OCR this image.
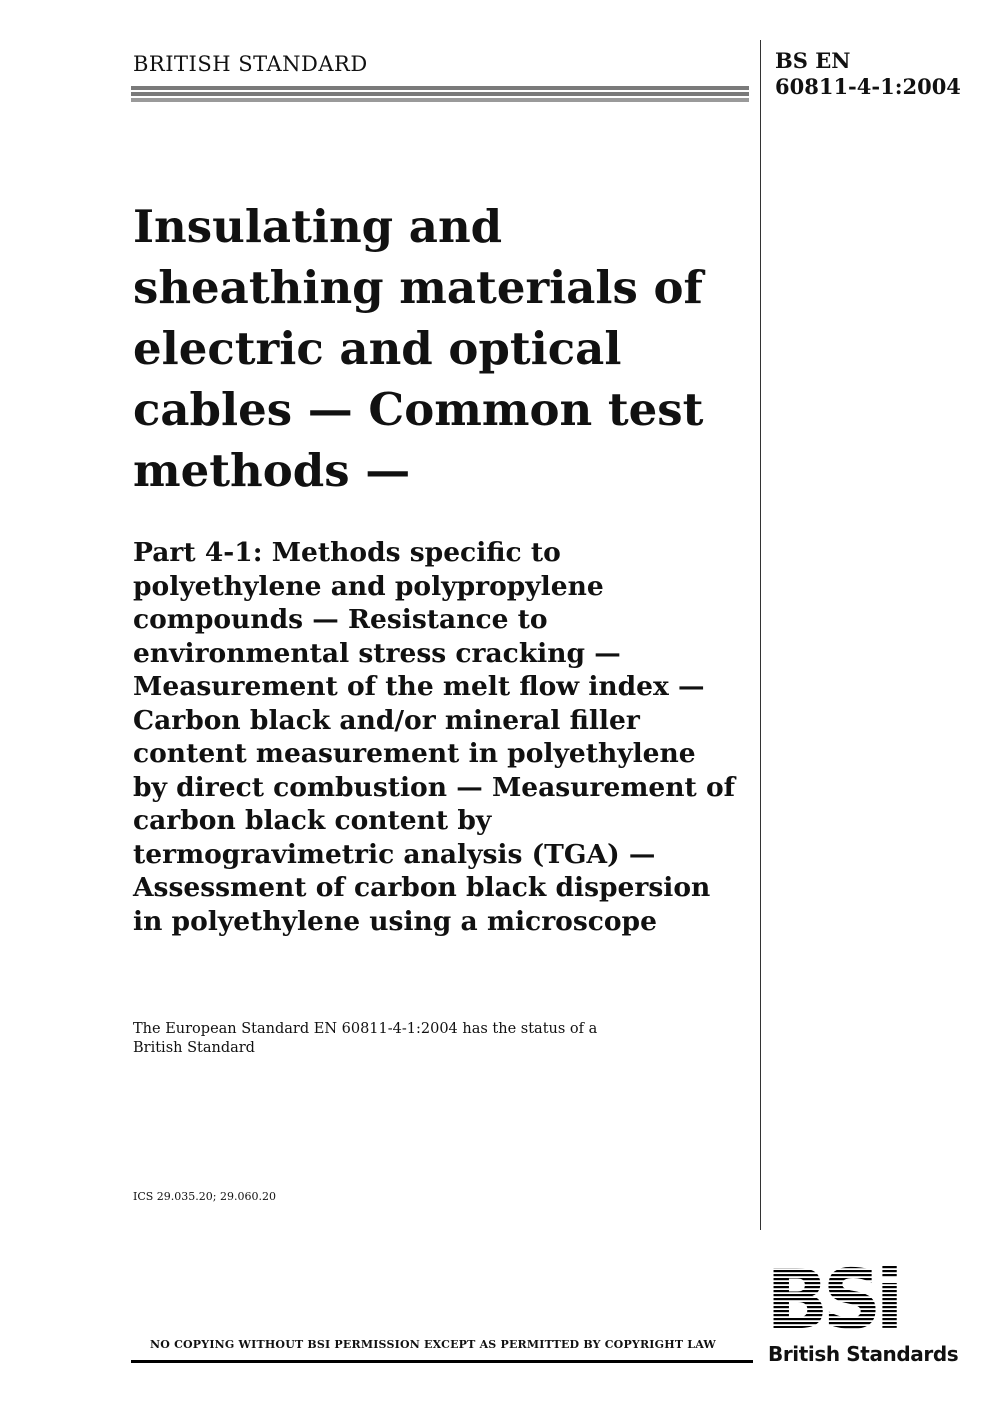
BRITISH STANDARD	BS EN
60811-4-1:2004
Insulating and
sheathing materials of
electric and optical
cables — Common test
methods —
Part 4-1: Methods specific to
polyethylene and polypropylene
compounds — Resistance to
environmental stress cracking —
Measurement of the melt flow index —
Carbon black and/or mineral filler
content measurement in polyethylene
by direct combustion — Measurement of
carbon black content by
termogravimetric analysis (TGA) —
Assessment of carbon black dispersion
in polyethylene using a microscope
The European Standard EN 60811-4-1:2004 has the status of a
British Standard
ICS 29.035.20; 29.060.20
NO COPYING WITHOUT BSI PERMISSION EXCEPT AS PERMITTED BY COPYRIGHT LAW BSi
British Standards
